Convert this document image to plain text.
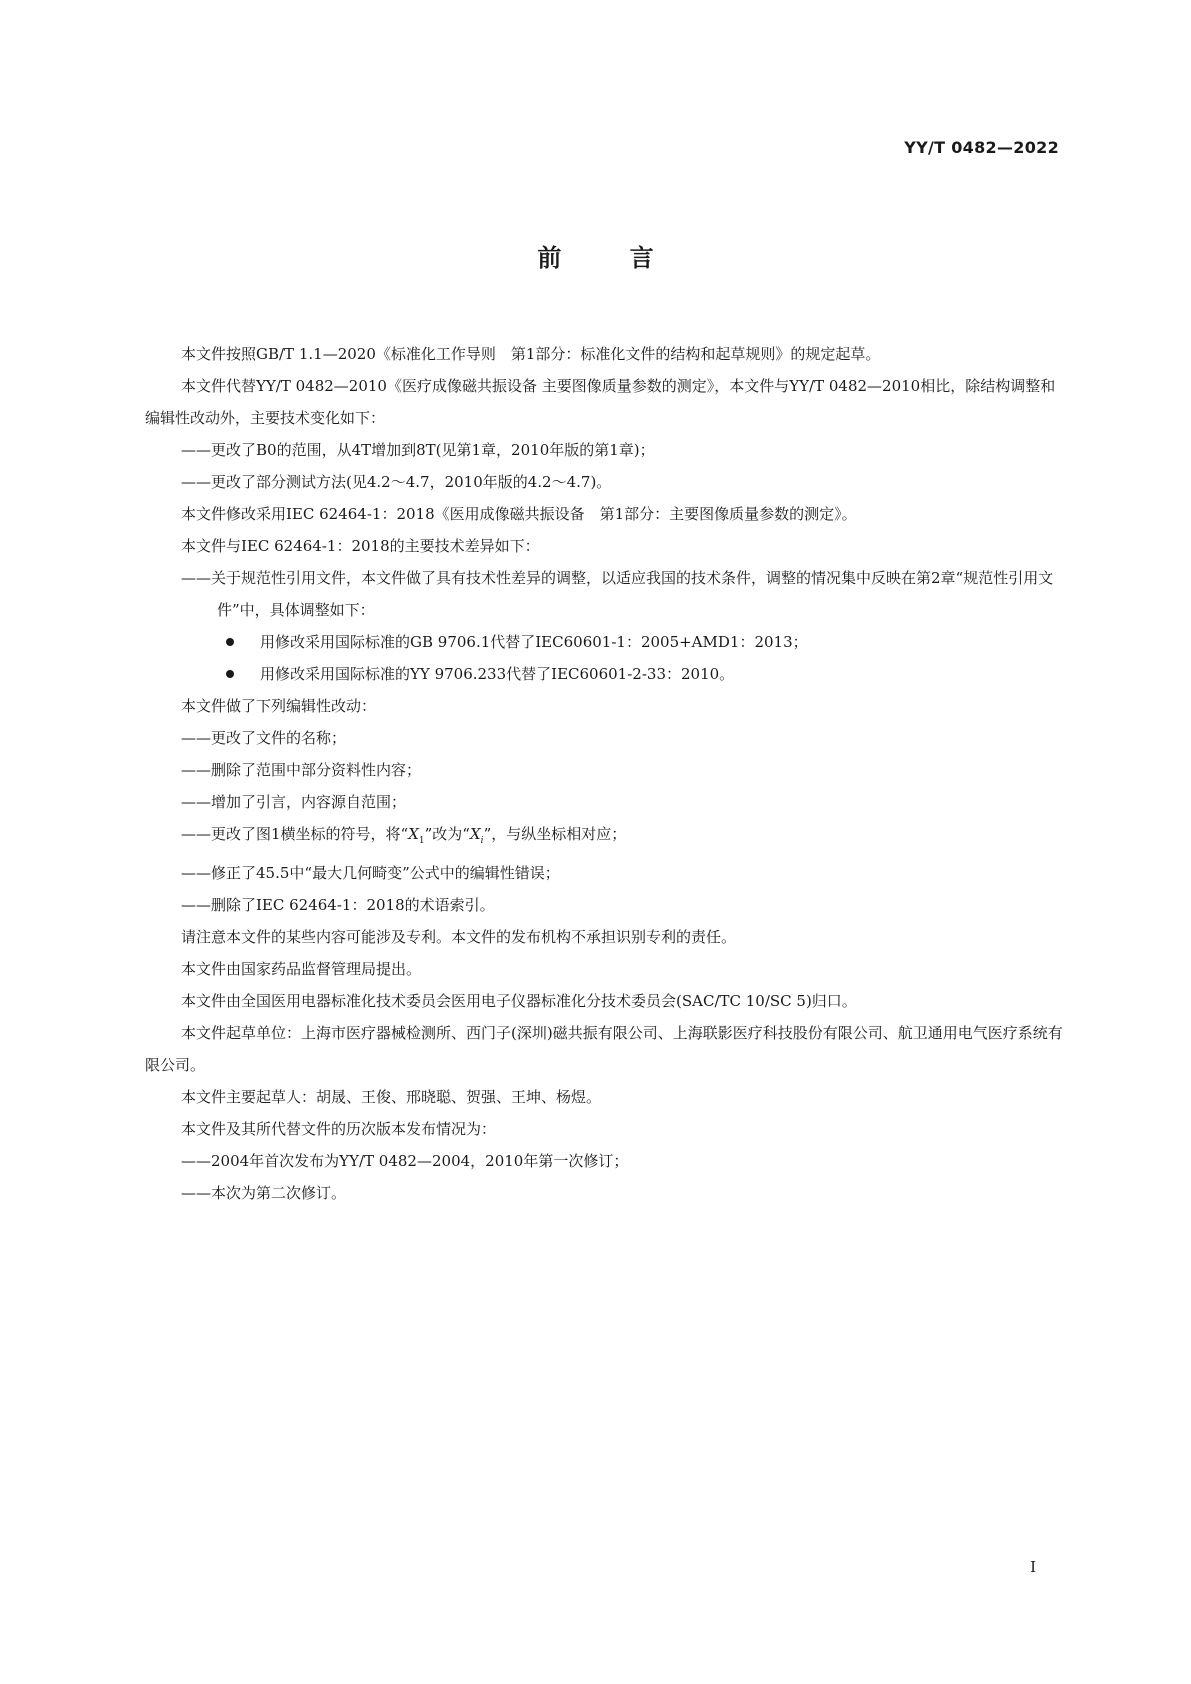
YY/T 0482—2022

前 言

本文件按照GB/T 1.1—2020《标准化工作导则　第1部分：标准化文件的结构和起草规则》的规定起草。

本文件代替YY/T 0482—2010《医疗成像磁共振设备 主要图像质量参数的测定》，本文件与YY/T 0482—2010相比，除结构调整和编辑性改动外，主要技术变化如下：

——更改了B0的范围，从4T增加到8T(见第1章，2010年版的第1章)；

——更改了部分测试方法(见4.2～4.7，2010年版的4.2～4.7)。

本文件修改采用IEC 62464-1：2018《医用成像磁共振设备　第1部分：主要图像质量参数的测定》。

本文件与IEC 62464-1：2018的主要技术差异如下：

——关于规范性引用文件，本文件做了具有技术性差异的调整，以适应我国的技术条件，调整的情况集中反映在第2章“规范性引用文件”中，具体调整如下：

用修改采用国际标准的GB 9706.1代替了IEC60601-1：2005+AMD1：2013；

用修改采用国际标准的YY 9706.233代替了IEC60601-2-33：2010。

本文件做了下列编辑性改动：

——更改了文件的名称；

——删除了范围中部分资料性内容；

——增加了引言，内容源自范围；

——更改了图1横坐标的符号，将“$X_1$”改为“$X_i$”，与纵坐标相对应；

——修正了45.5中“最大几何畸变”公式中的编辑性错误；

——删除了IEC 62464-1：2018的术语索引。

请注意本文件的某些内容可能涉及专利。本文件的发布机构不承担识别专利的责任。

本文件由国家药品监督管理局提出。

本文件由全国医用电器标准化技术委员会医用电子仪器标准化分技术委员会(SAC/TC 10/SC 5)归口。

本文件起草单位：上海市医疗器械检测所、西门子(深圳)磁共振有限公司、上海联影医疗科技股份有限公司、航卫通用电气医疗系统有限公司。

本文件主要起草人：胡晟、王俊、邢晓聪、贺强、王坤、杨煜。

本文件及其所代替文件的历次版本发布情况为：

——2004年首次发布为YY/T 0482—2004，2010年第一次修订；

——本次为第二次修订。

I
